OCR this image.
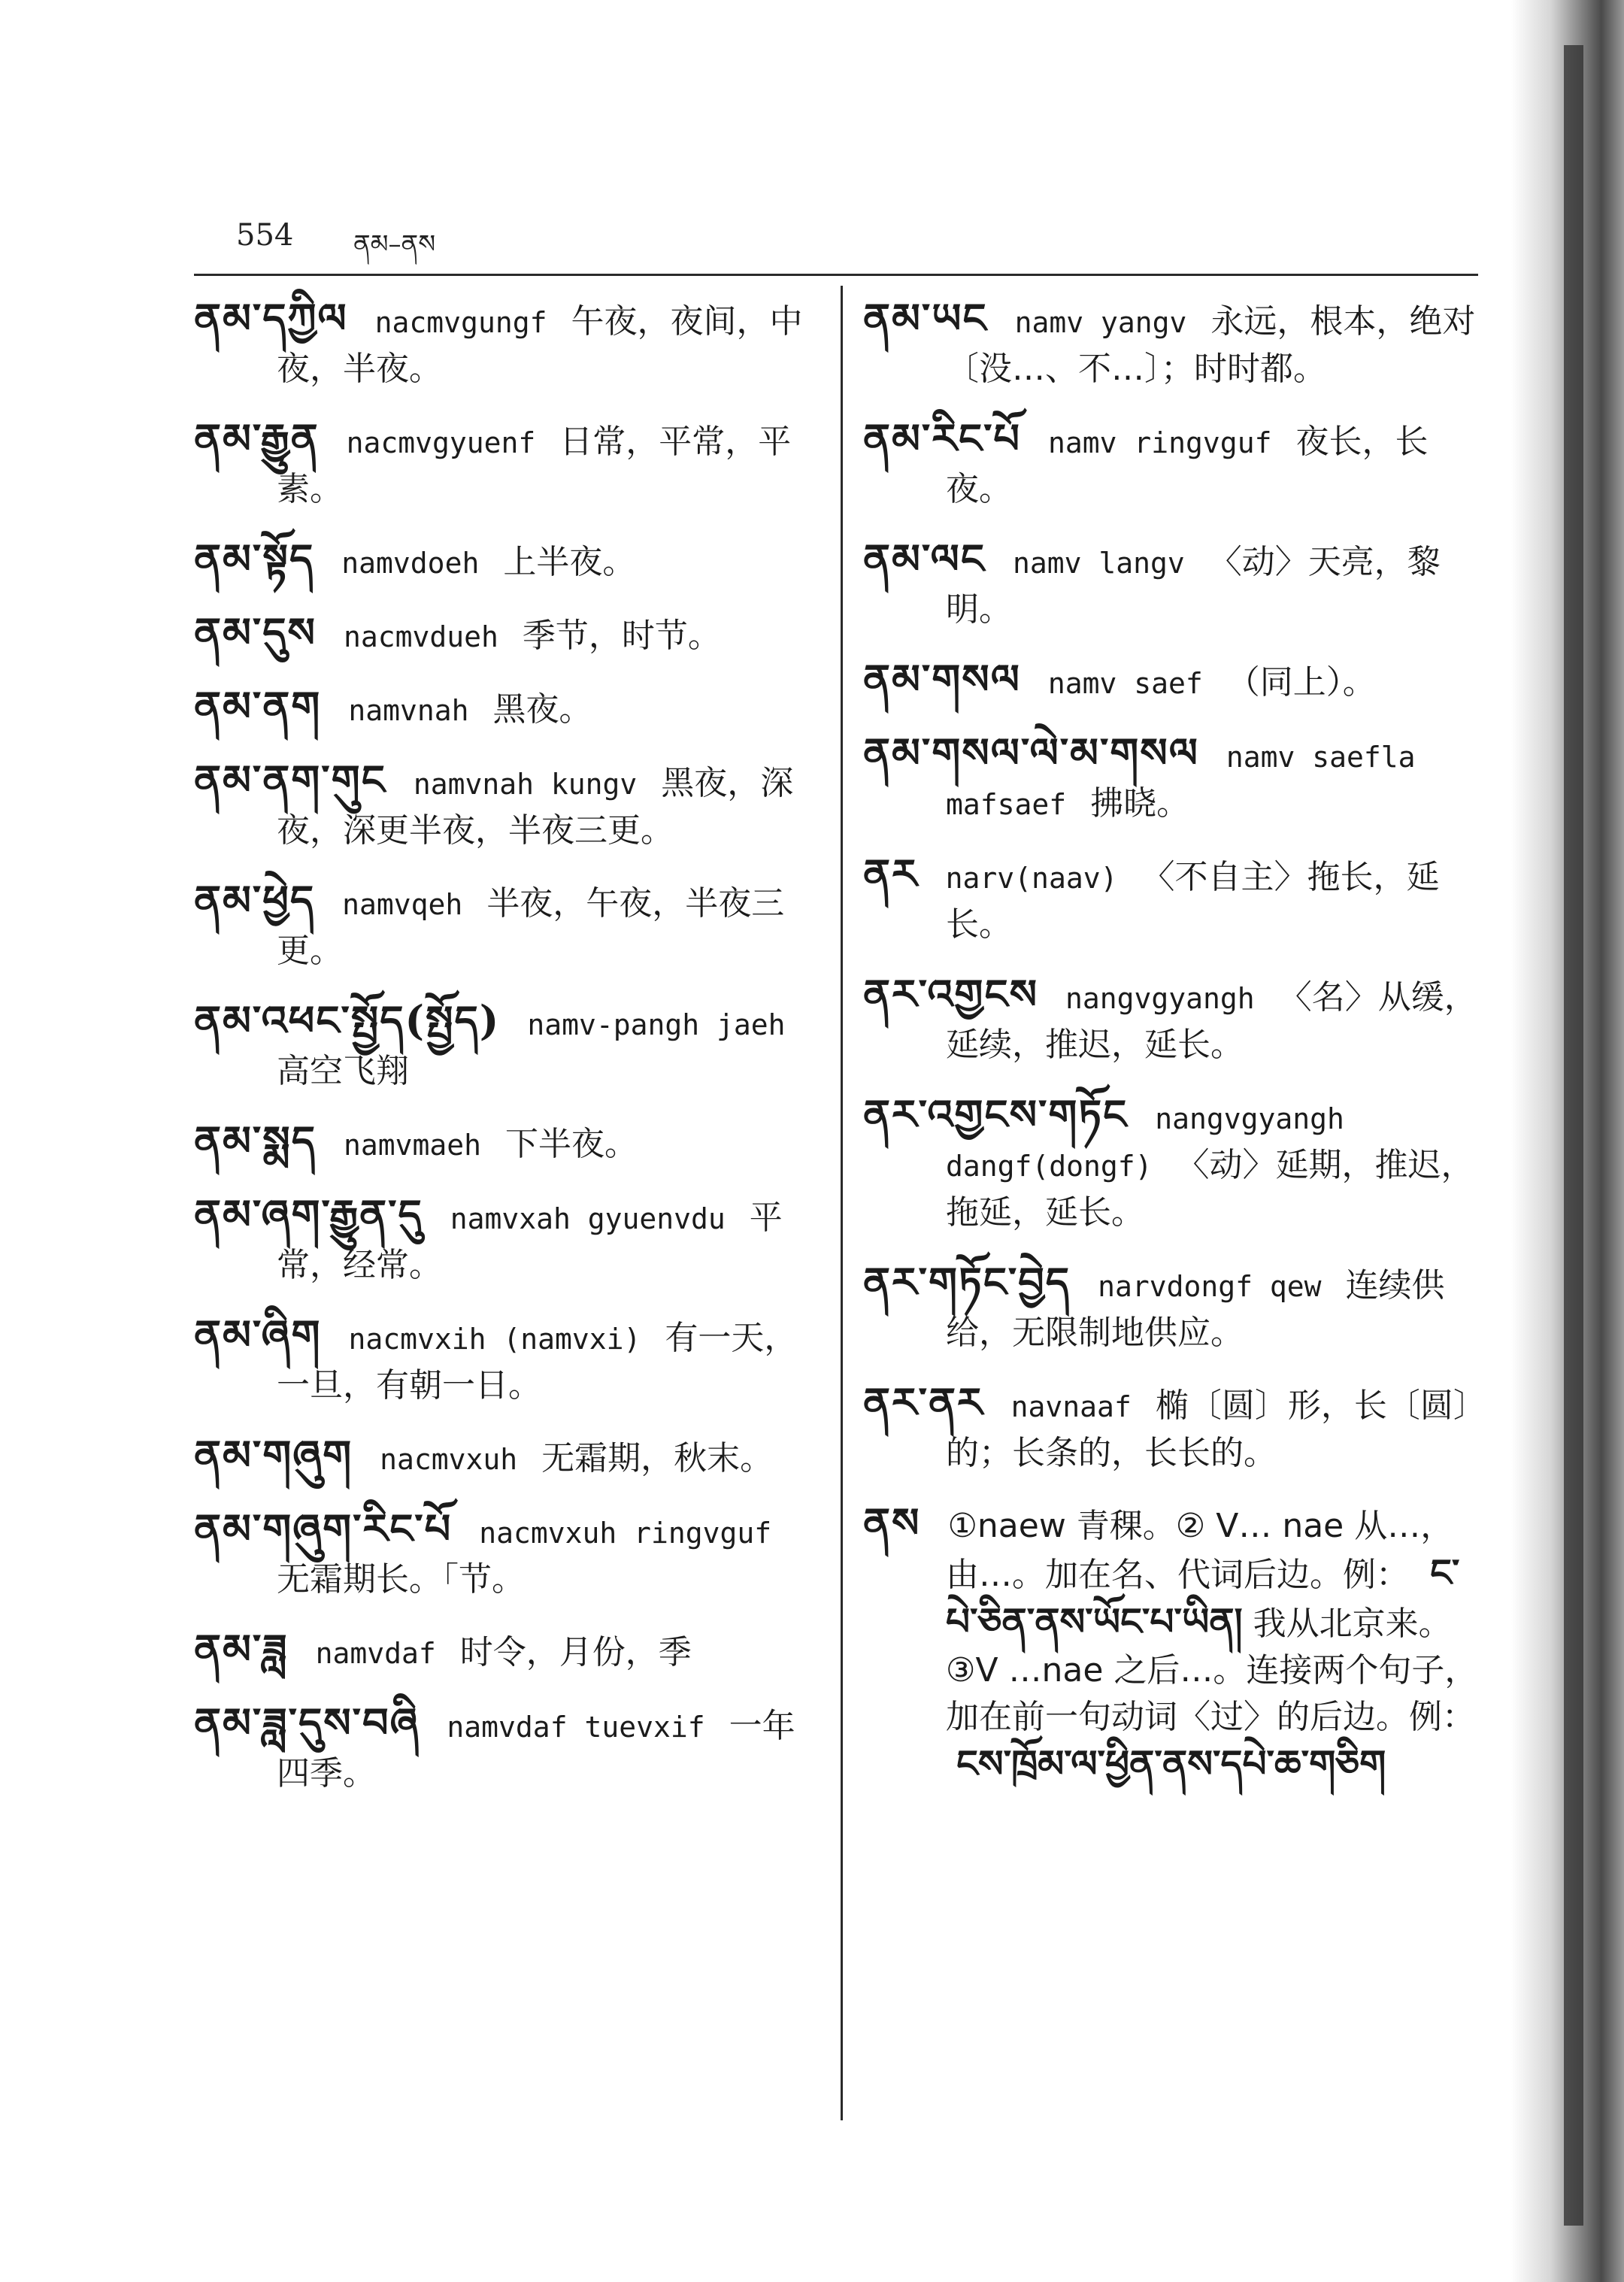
554 ནམ–ནས
ནམ་དཀྱིལ nacmvgungf 午夜，夜间，中夜，半夜。
ནམ་རྒྱུན nacmvgyuenf 日常，平常，平素。
ནམ་སྟོད namvdoeh 上半夜。
ནམ་དུས nacmvdueh 季节，时节。
ནམ་ནག namvnah 黑夜。
ནམ་ནག་གུང namvnah kungv 黑夜，深夜，深更半夜，半夜三更。
ནམ་ཕྱེད namvqeh 半夜，午夜，半夜三更。
ནམ་འཕང་སྤྱོད(སྤྱོད) namv-pangh jaeh 高空飞翔
ནམ་སྨད namvmaeh 下半夜。
ནམ་ཞག་རྒྱུན་དུ namvxah gyuenvdu 平常，经常。
ནམ་ཞིག nacmvxih (namvxi) 有一天，一旦，有朝一日。
ནམ་གཞུག nacmvxuh 无霜期，秋末。
ནམ་གཞུག་རིང་པོ nacmvxuh ringvguf 无霜期长。「节。
ནམ་ཟླ namvdaf 时令，月份，季
ནམ་ཟླ་དུས་བཞི namvdaf tuevxif 一年四季。
ནམ་ཡང namv yangv 永远，根本，绝对〔没…、不…〕；时时都。
ནམ་རིང་པོ namv ringvguf 夜长，长夜。
ནམ་ལང namv langv 〈动〉天亮，黎明。
ནམ་གསལ namv saef （同上）。
ནམ་གསལ་ལེ་མ་གསལ namv saefla mafsaef 拂晓。
ནར narv(naav) 〈不自主〉拖长，延长。
ནར་འགྱངས nangvgyangh 〈名〉从缓，延续，推迟，延长。
ནར་འགྱངས་གཏོང nangvgyangh dangf(dongf) 〈动〉延期，推迟，拖延，延长。
ནར་གཏོང་བྱེད narvdongf qew 连续供给，无限制地供应。
ནར་ནར navnaaf 椭〔圆〕形，长〔圆〕的；长条的，长长的。
ནས ①naew 青稞。② V… nae 从…，由…。加在名、代词后边。例： ང་པེ་ཅིན་ནས་ཡོང་པ་ཡིན། 我从北京来。③V …nae 之后…。连接两个句子，加在前一句动词〈过〉的后边。例： ངས་ཁྲོམ་ལ་ཕྱིན་ནས་དཔེ་ཆ་གཅིག
